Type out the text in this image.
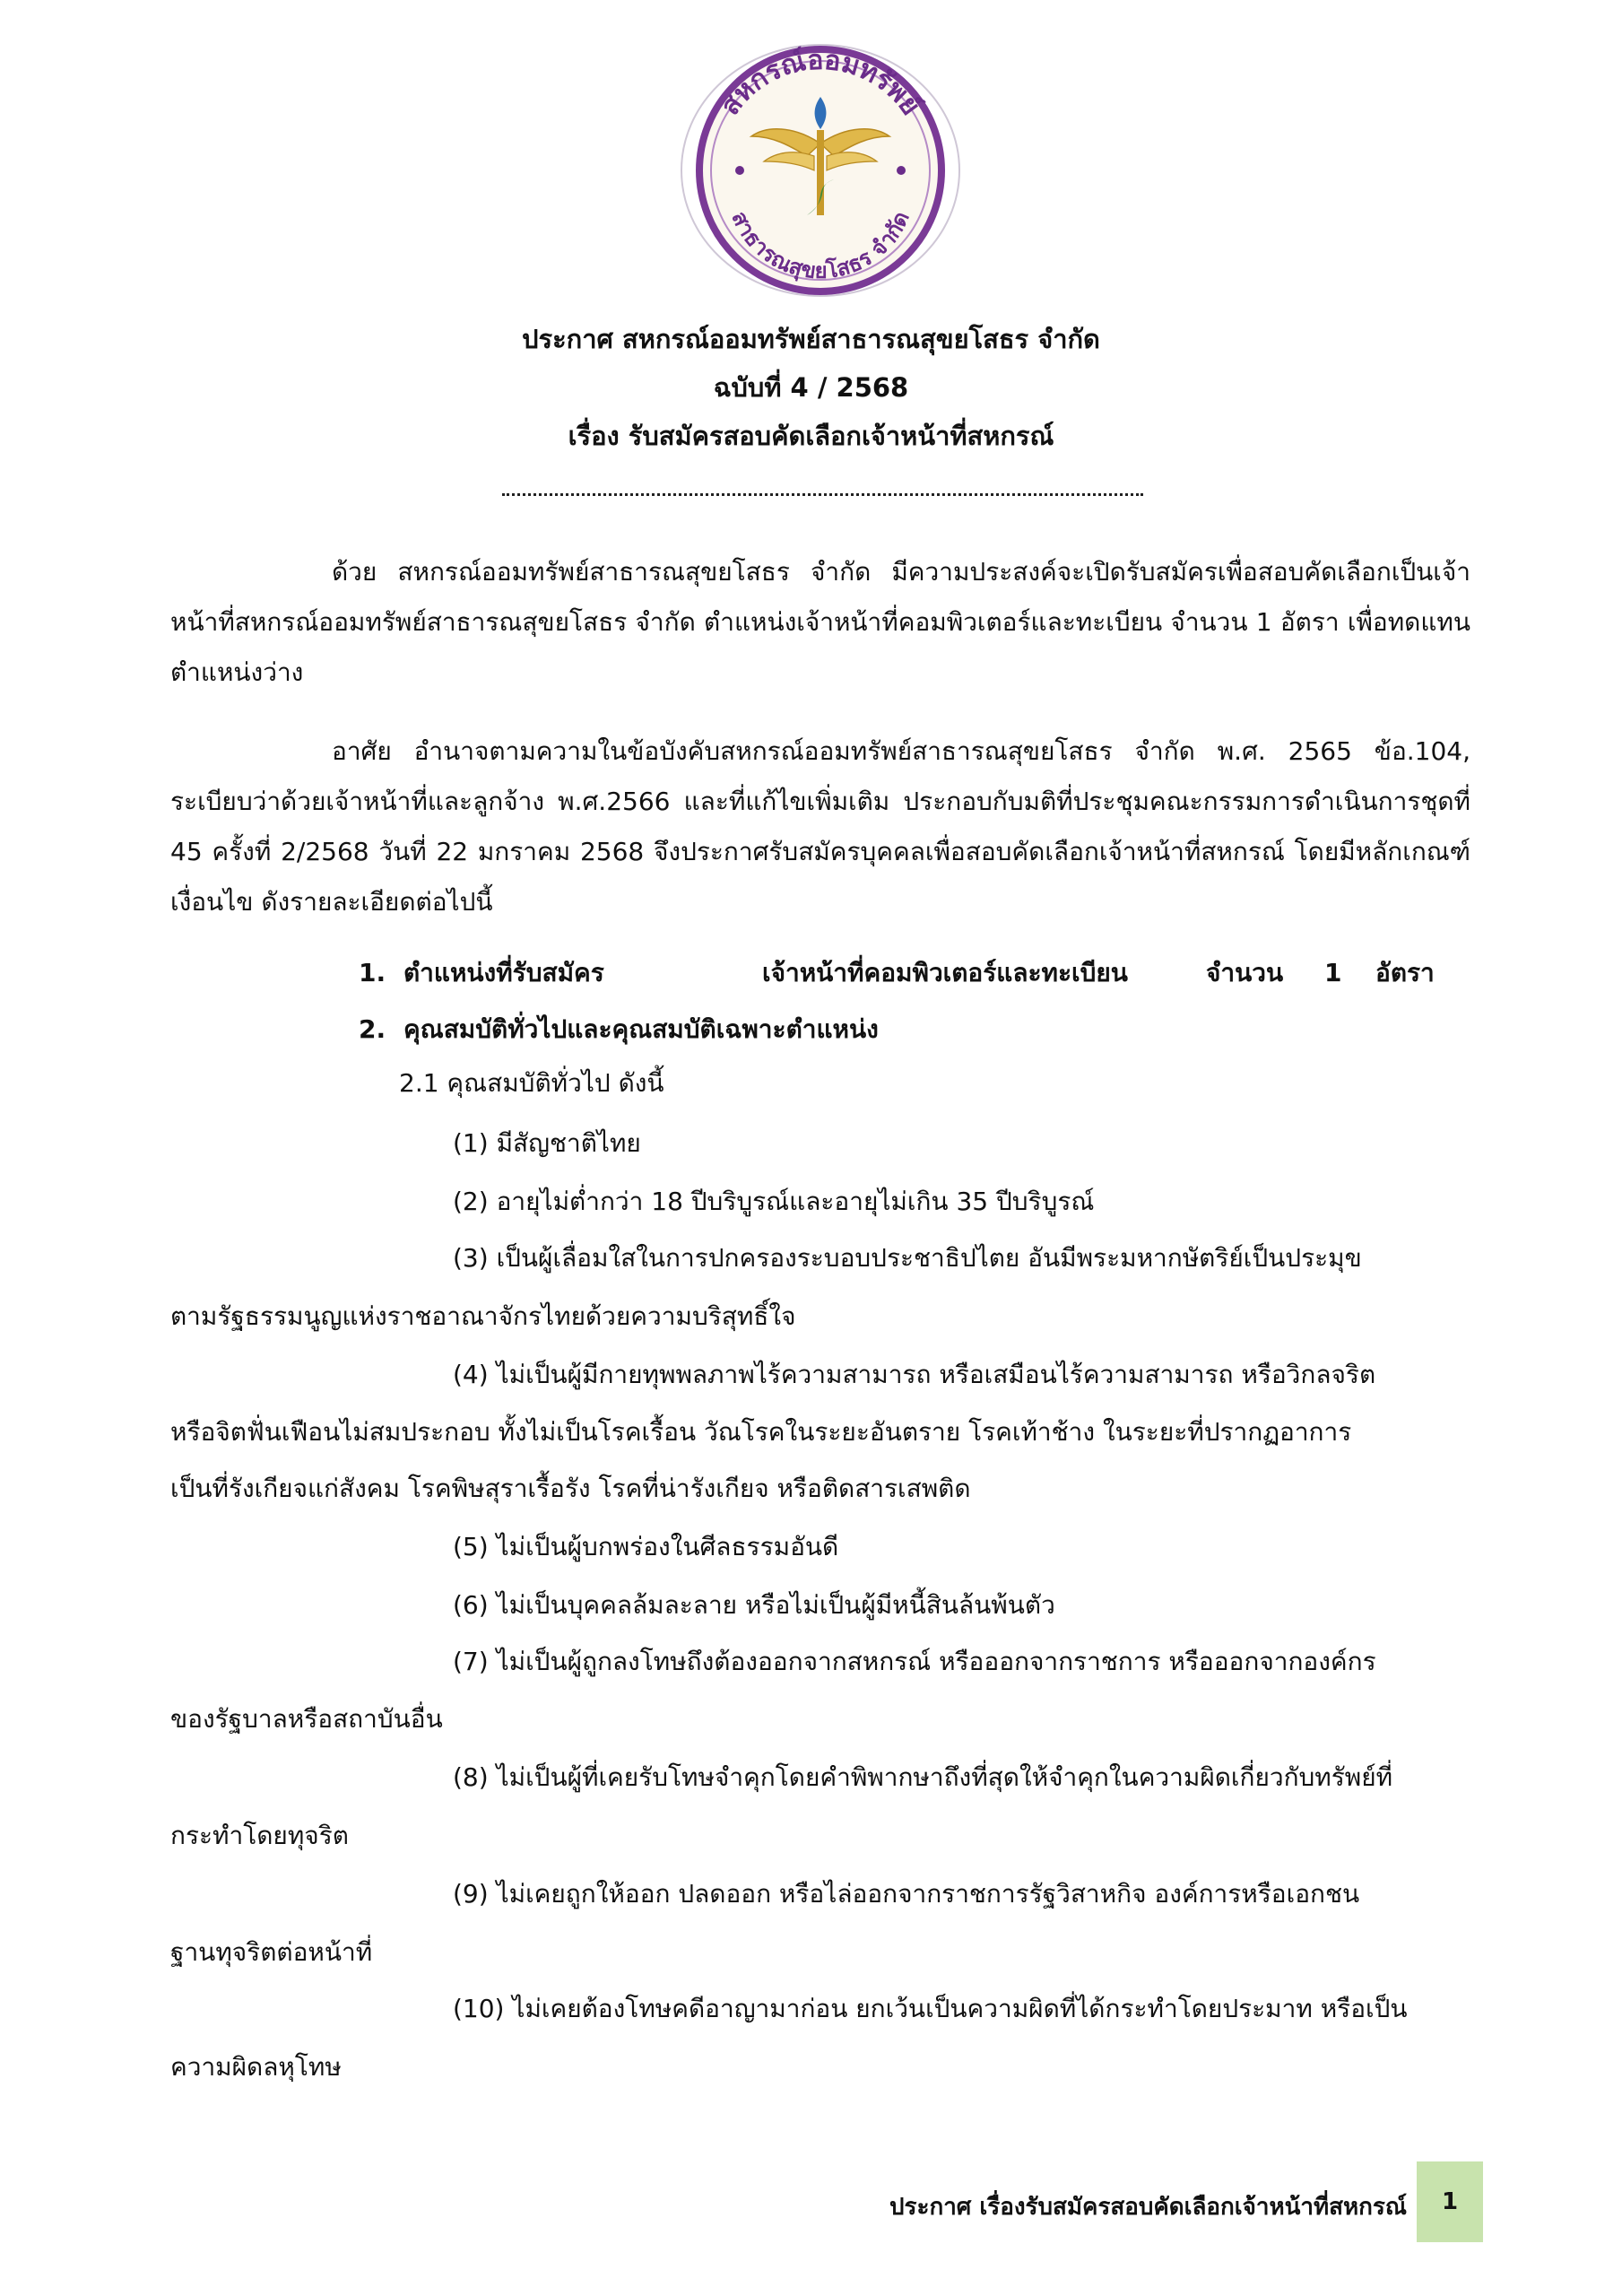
สหกรณ์ออมทรัพย์
สาธารณสุขยโสธร จำกัด
ประกาศ สหกรณ์ออมทรัพย์สาธารณสุขยโสธร จำกัด
ฉบับที่ 4 / 2568
เรื่อง รับสมัครสอบคัดเลือกเจ้าหน้าที่สหกรณ์

ด้วย สหกรณ์ออมทรัพย์สาธารณสุขยโสธร จำกัด มีความประสงค์จะเปิดรับสมัครเพื่อสอบคัดเลือกเป็นเจ้าหน้าที่สหกรณ์ออมทรัพย์สาธารณสุขยโสธร จำกัด ตำแหน่งเจ้าหน้าที่คอมพิวเตอร์และทะเบียน จำนวน 1 อัตรา เพื่อทดแทนตำแหน่งว่าง

อาศัย อำนาจตามความในข้อบังคับสหกรณ์ออมทรัพย์สาธารณสุขยโสธร จำกัด พ.ศ. 2565 ข้อ.104, ระเบียบว่าด้วยเจ้าหน้าที่และลูกจ้าง พ.ศ.2566 และที่แก้ไขเพิ่มเติม ประกอบกับมติที่ประชุมคณะกรรมการดำเนินการชุดที่ 45 ครั้งที่ 2/2568 วันที่ 22 มกราคม 2568 จึงประกาศรับสมัครบุคคลเพื่อสอบคัดเลือกเจ้าหน้าที่สหกรณ์ โดยมีหลักเกณฑ์ เงื่อนไข ดังรายละเอียดต่อไปนี้

1. ตำแหน่งที่รับสมัคร	เจ้าหน้าที่คอมพิวเตอร์และทะเบียน	จำนวน 1 อัตรา
2. คุณสมบัติทั่วไปและคุณสมบัติเฉพาะตำแหน่ง
2.1 คุณสมบัติทั่วไป ดังนี้
(1) มีสัญชาติไทย
(2) อายุไม่ต่ำกว่า 18 ปีบริบูรณ์และอายุไม่เกิน 35 ปีบริบูรณ์
(3) เป็นผู้เลื่อมใสในการปกครองระบอบประชาธิปไตย อันมีพระมหากษัตริย์เป็นประมุข
ตามรัฐธรรมนูญแห่งราชอาณาจักรไทยด้วยความบริสุทธิ์ใจ
(4) ไม่เป็นผู้มีกายทุพพลภาพไร้ความสามารถ หรือเสมือนไร้ความสามารถ หรือวิกลจริต
หรือจิตฟั่นเฟือนไม่สมประกอบ ทั้งไม่เป็นโรคเรื้อน วัณโรคในระยะอันตราย โรคเท้าช้าง ในระยะที่ปรากฏอาการ
เป็นที่รังเกียจแก่สังคม โรคพิษสุราเรื้อรัง โรคที่น่ารังเกียจ หรือติดสารเสพติด
(5) ไม่เป็นผู้บกพร่องในศีลธรรมอันดี
(6) ไม่เป็นบุคคลล้มละลาย หรือไม่เป็นผู้มีหนี้สินล้นพ้นตัว
(7) ไม่เป็นผู้ถูกลงโทษถึงต้องออกจากสหกรณ์ หรือออกจากราชการ หรือออกจากองค์กร
ของรัฐบาลหรือสถาบันอื่น
(8) ไม่เป็นผู้ที่เคยรับโทษจำคุกโดยคำพิพากษาถึงที่สุดให้จำคุกในความผิดเกี่ยวกับทรัพย์ที่
กระทำโดยทุจริต
(9) ไม่เคยถูกให้ออก ปลดออก หรือไล่ออกจากราชการรัฐวิสาหกิจ องค์การหรือเอกชน
ฐานทุจริตต่อหน้าที่
(10) ไม่เคยต้องโทษคดีอาญามาก่อน ยกเว้นเป็นความผิดที่ได้กระทำโดยประมาท หรือเป็น
ความผิดลหุโทษ
ประกาศ เรื่องรับสมัครสอบคัดเลือกเจ้าหน้าที่สหกรณ์	1
